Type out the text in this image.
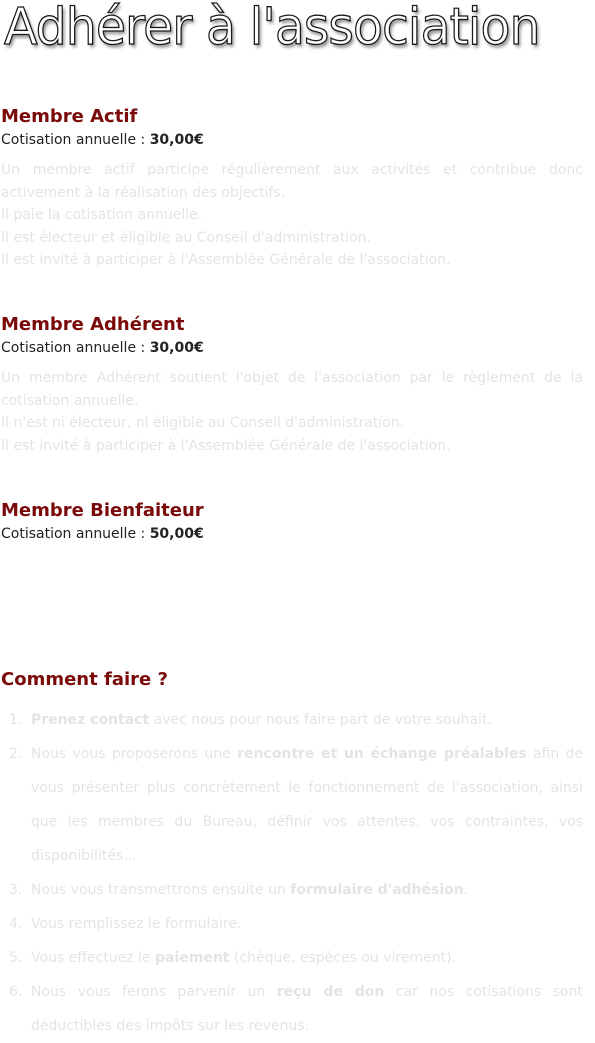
Adhérer à l'association
Membre Actif
Cotisation annuelle : 30,00€

Un membre actif participe régulièrement aux activités et contribue donc activement à la réalisation des objectifs.

Il paie la cotisation annuelle.

Il est électeur et éligible au Conseil d'administration.

Il est invité à participer à l'Assemblée Générale de l'association.

Membre Adhérent
Cotisation annuelle : 30,00€

Un membre Adhérent soutient l'objet de l'association par le règlement de la cotisation annuelle.

Il n'est ni électeur, ni éligible au Conseil d'administration.

Il est invité à participer à l'Assemblée Générale de l'association.

Membre Bienfaiteur
Cotisation annuelle : 50,00€
Comment faire ?
1. Prenez contact avec nous pour nous faire part de votre souhait.
2. Nous vous proposerons une rencontre et un échange préalables afin de vous présenter plus concrètement le fonctionnement de l'association, ainsi que les membres du Bureau, définir vos attentes, vos contraintes, vos disponibilités...
3. Nous vous transmettrons ensuite un formulaire d'adhésion.
4. Vous remplissez le formulaire.
5. Vous effectuez le paiement (chèque, espèces ou virement).
6. Nous vous ferons parvenir un reçu de don car nos cotisations sont déductibles des impôts sur les revenus.
